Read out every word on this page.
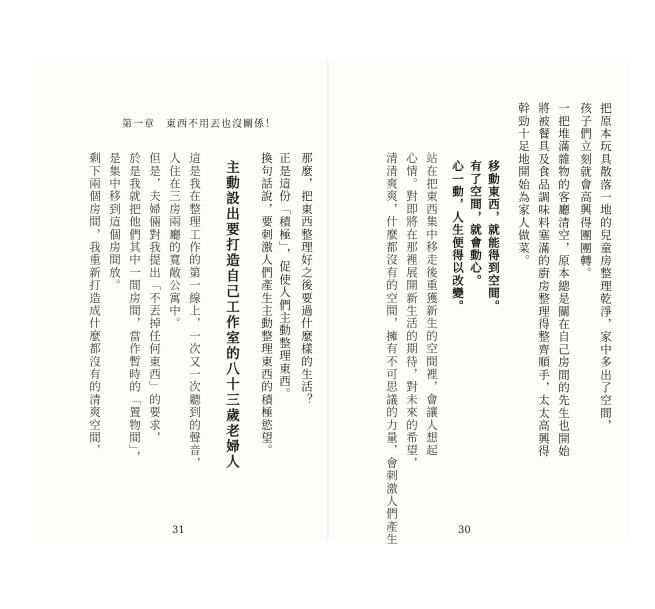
第一章　東西不用丟也沒關係！
那麼，把東西整理好之後要過什麼樣的生活？
正是這份「積極」，促使人們主動整理東西。
換句話說，要刺激人們產生主動整理東西的積極慾望。
主動設出要打造自己工作室的八十三歲老婦人
這是我在整理工作的第一線上，一次又一次聽到的聲音，
人住在三房兩廳的寬敞公寓中。
但是，夫婦倆對我提出「不丟掉任何東西」的要求，
於是我就把他們其中一間房間，當作暫時的「置物間」，
是集中移到這個房間放。
剩下兩個房間，我重新打造成什麼都沒有的清爽空間，	把原本玩具散落一地的兒童房整理乾淨，家中多出了空間，
孩子們立刻就會高興得團團轉。
一把堆滿雜物的客廳清空，原本總是關在自己房間的先生也開始
將被餐具及食品調味料塞滿的廚房整理得整齊順手，太太高興得
幹勁十足地開始為家人做菜。
移動東西，就能得到空間。
有了空間，就會動心。
心一動，人生便得以改變。
站在把東西集中移走後重獲新生的空間裡，會讓人想起
心情。對即將在那裡展開新生活的期待，對未來的希望，
清清爽爽，什麼都沒有的空間，擁有不可思議的力量，會刺激人們產生
31	30
